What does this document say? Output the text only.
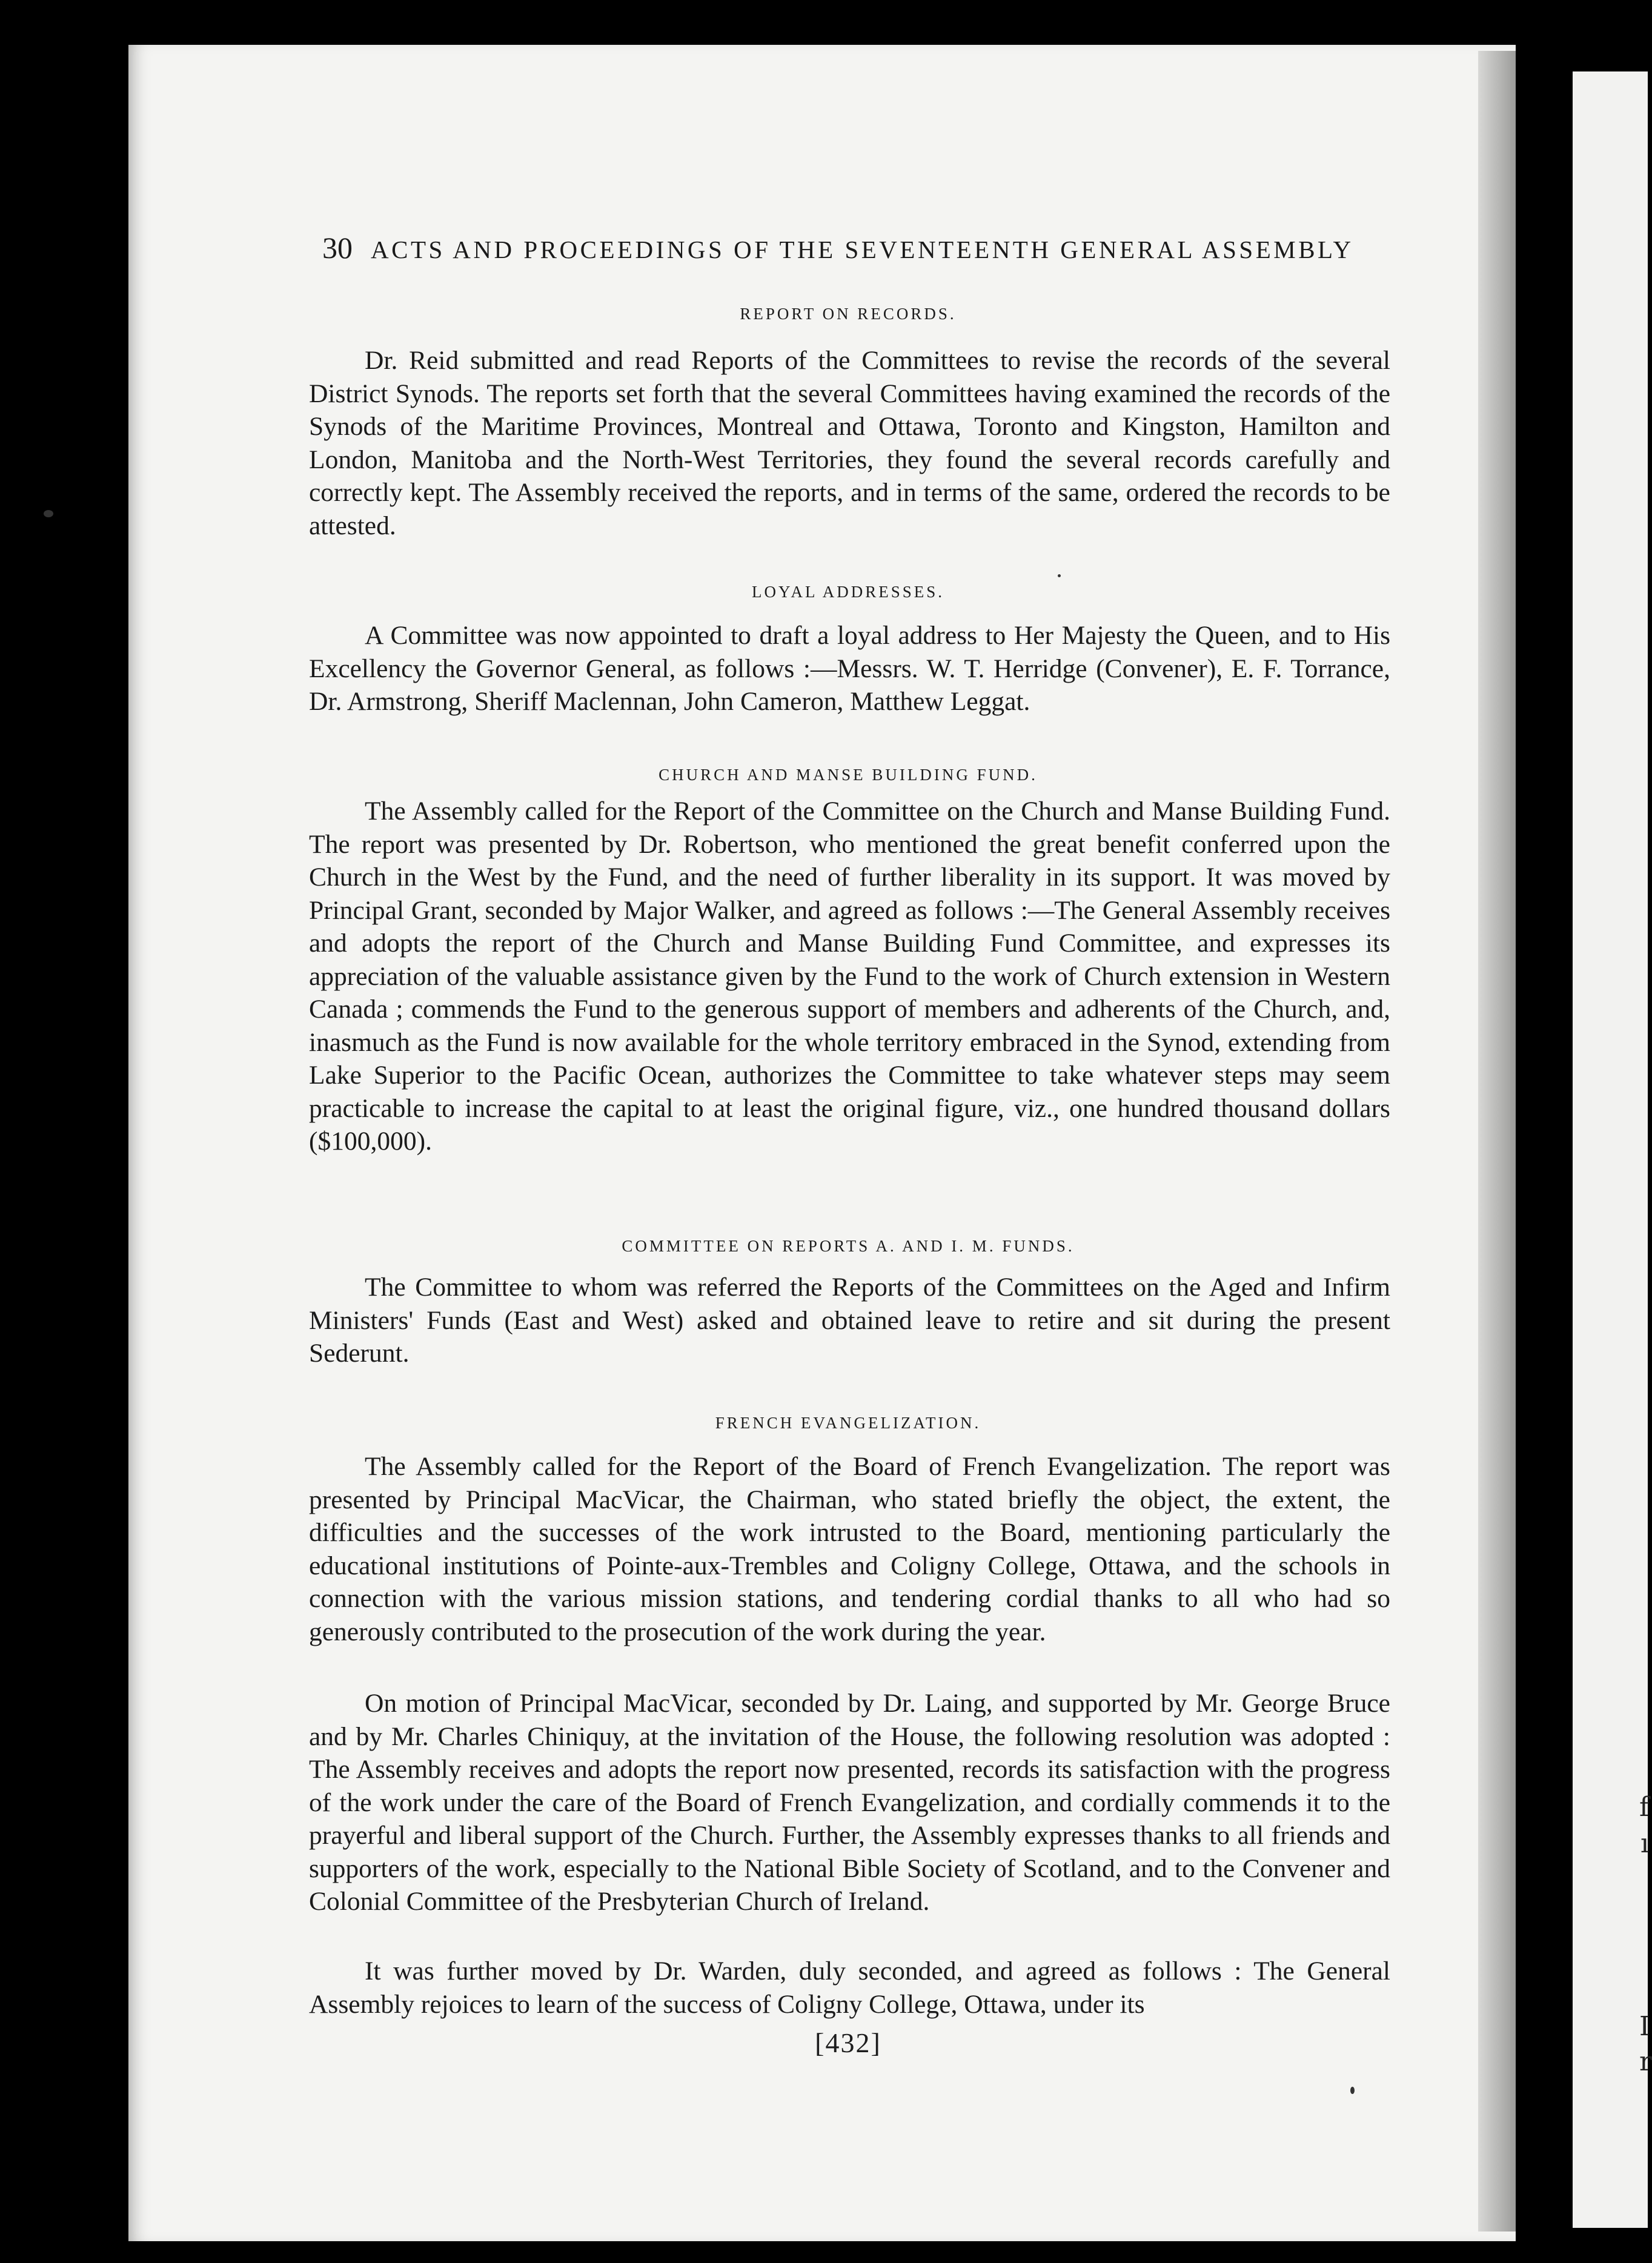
f
ı
I
r
30 ACTS AND PROCEEDINGS OF THE SEVENTEENTH GENERAL ASSEMBLY
REPORT ON RECORDS.
Dr. Reid submitted and read Reports of the Committees to revise the records of the several District Synods. The reports set forth that the several Committees having examined the records of the Synods of the Maritime Provinces, Montreal and Ottawa, Toronto and Kingston, Hamilton and London, Manitoba and the North-West Territories, they found the several records carefully and correctly kept. The Assembly received the reports, and in terms of the same, ordered the records to be attested.
LOYAL ADDRESSES.
A Committee was now appointed to draft a loyal address to Her Majesty the Queen, and to His Excellency the Governor General, as follows :—Messrs. W. T. Herridge (Convener), E. F. Torrance, Dr. Armstrong, Sheriff Maclennan, John Cameron, Matthew Leggat.
CHURCH AND MANSE BUILDING FUND.
The Assembly called for the Report of the Committee on the Church and Manse Building Fund. The report was presented by Dr. Robertson, who mentioned the great benefit conferred upon the Church in the West by the Fund, and the need of further liberality in its support. It was moved by Principal Grant, seconded by Major Walker, and agreed as follows :—The General Assembly receives and adopts the report of the Church and Manse Building Fund Committee, and expresses its appreciation of the valuable assistance given by the Fund to the work of Church extension in Western Canada ; commends the Fund to the generous support of members and adherents of the Church, and, inasmuch as the Fund is now available for the whole territory embraced in the Synod, extending from Lake Superior to the Pacific Ocean, authorizes the Committee to take whatever steps may seem practicable to increase the capital to at least the original figure, viz., one hundred thousand dollars ($100,000).
COMMITTEE ON REPORTS A. AND I. M. FUNDS.
The Committee to whom was referred the Reports of the Committees on the Aged and Infirm Ministers' Funds (East and West) asked and obtained leave to retire and sit during the present Sederunt.
FRENCH EVANGELIZATION.
The Assembly called for the Report of the Board of French Evangelization. The report was presented by Principal MacVicar, the Chairman, who stated briefly the object, the extent, the difficulties and the successes of the work intrusted to the Board, mentioning particularly the educational institutions of Pointe-aux-Trembles and Coligny College, Ottawa, and the schools in connection with the various mission stations, and tendering cordial thanks to all who had so generously contributed to the prosecution of the work during the year.
On motion of Principal MacVicar, seconded by Dr. Laing, and supported by Mr. George Bruce and by Mr. Charles Chiniquy, at the invitation of the House, the following resolution was adopted : The Assembly receives and adopts the report now presented, records its satisfaction with the progress of the work under the care of the Board of French Evangelization, and cordially commends it to the prayerful and liberal support of the Church. Further, the Assembly expresses thanks to all friends and supporters of the work, especially to the National Bible Society of Scotland, and to the Convener and Colonial Committee of the Presbyterian Church of Ireland.
It was further moved by Dr. Warden, duly seconded, and agreed as follows : The General Assembly rejoices to learn of the success of Coligny College, Ottawa, under its
[432]
